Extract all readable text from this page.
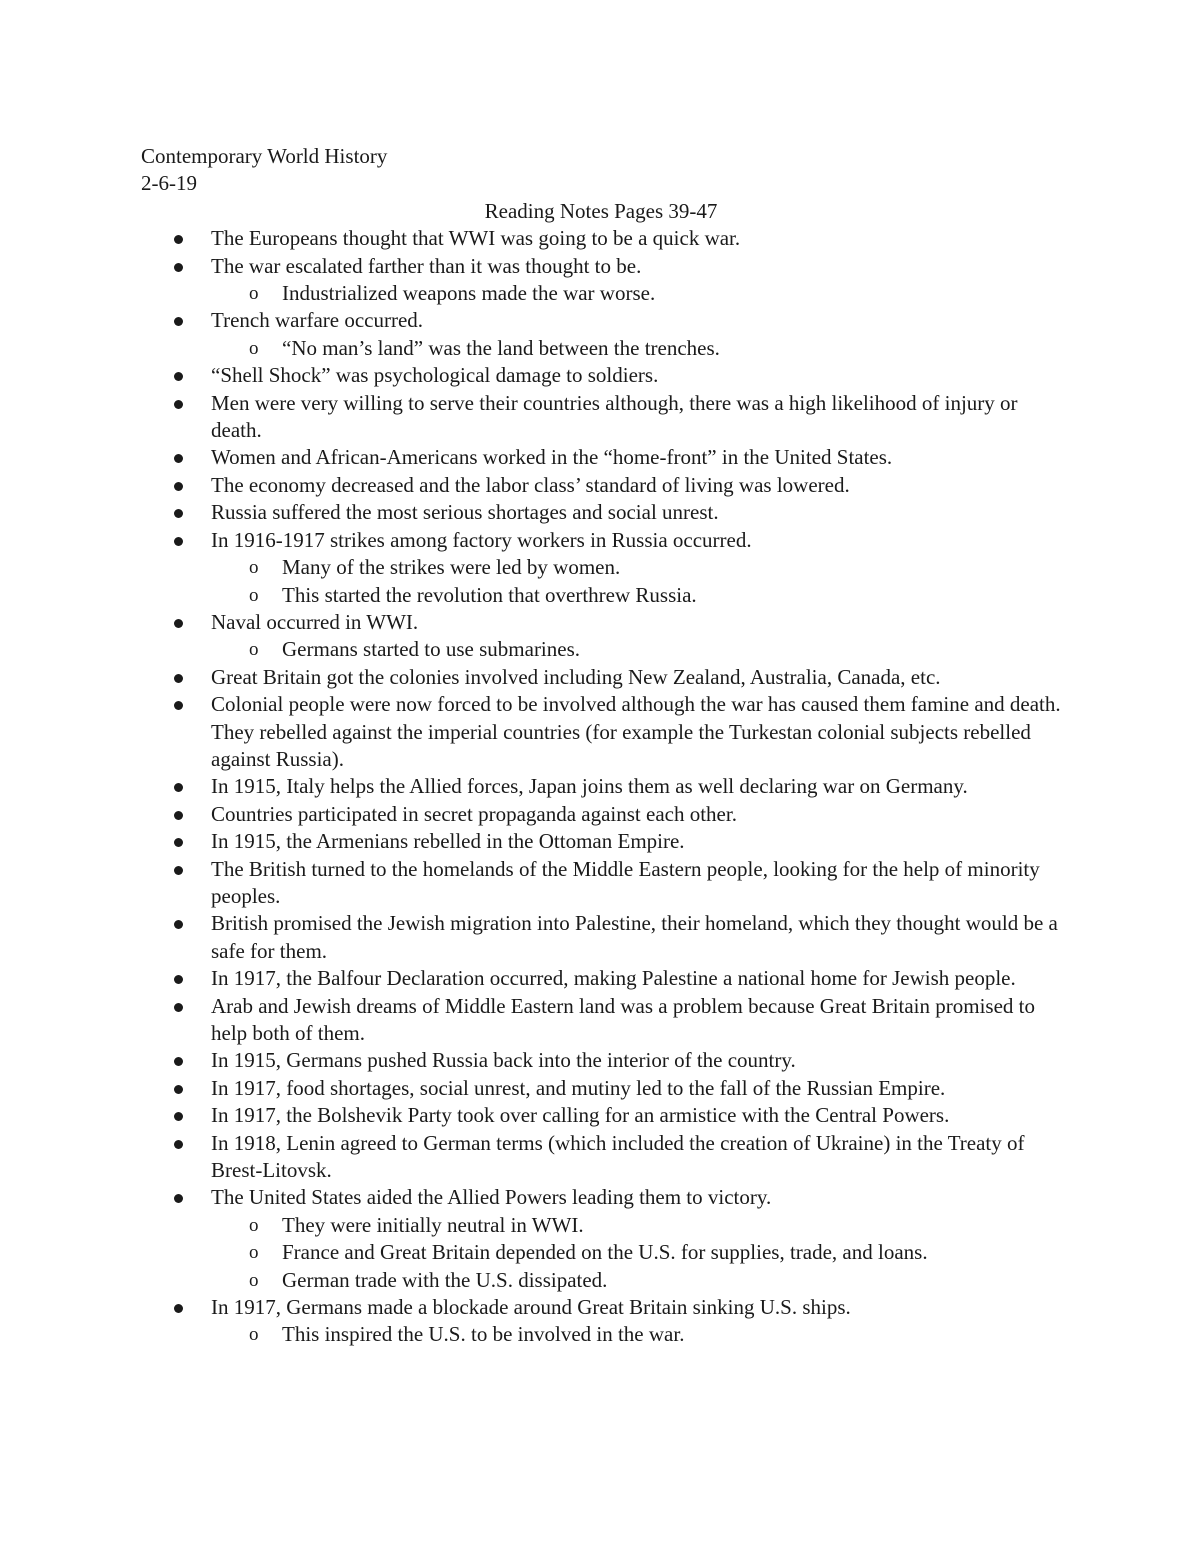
Contemporary World History

2-6-19

Reading Notes Pages 39-47

The Europeans thought that WWI was going to be a quick war.
The war escalated farther than it was thought to be.
o Industrialized weapons made the war worse.
Trench warfare occurred.
o “No man’s land” was the land between the trenches.
“Shell Shock” was psychological damage to soldiers.
Men were very willing to serve their countries although, there was a high likelihood of injury or death.
Women and African-Americans worked in the “home-front” in the United States.
The economy decreased and the labor class’ standard of living was lowered.
Russia suffered the most serious shortages and social unrest.
In 1916-1917 strikes among factory workers in Russia occurred.
o Many of the strikes were led by women.
o This started the revolution that overthrew Russia.
Naval occurred in WWI.
o Germans started to use submarines.
Great Britain got the colonies involved including New Zealand, Australia, Canada, etc.
Colonial people were now forced to be involved although the war has caused them famine and death. They rebelled against the imperial countries (for example the Turkestan colonial subjects rebelled against Russia).
In 1915, Italy helps the Allied forces, Japan joins them as well declaring war on Germany.
Countries participated in secret propaganda against each other.
In 1915, the Armenians rebelled in the Ottoman Empire.
The British turned to the homelands of the Middle Eastern people, looking for the help of minority peoples.
British promised the Jewish migration into Palestine, their homeland, which they thought would be a safe for them.
In 1917, the Balfour Declaration occurred, making Palestine a national home for Jewish people.
Arab and Jewish dreams of Middle Eastern land was a problem because Great Britain promised to help both of them.
In 1915, Germans pushed Russia back into the interior of the country.
In 1917, food shortages, social unrest, and mutiny led to the fall of the Russian Empire.
In 1917, the Bolshevik Party took over calling for an armistice with the Central Powers.
In 1918, Lenin agreed to German terms (which included the creation of Ukraine) in the Treaty of Brest-Litovsk.
The United States aided the Allied Powers leading them to victory.
o They were initially neutral in WWI.
o France and Great Britain depended on the U.S. for supplies, trade, and loans.
o German trade with the U.S. dissipated.
In 1917, Germans made a blockade around Great Britain sinking U.S. ships.
o This inspired the U.S. to be involved in the war.
